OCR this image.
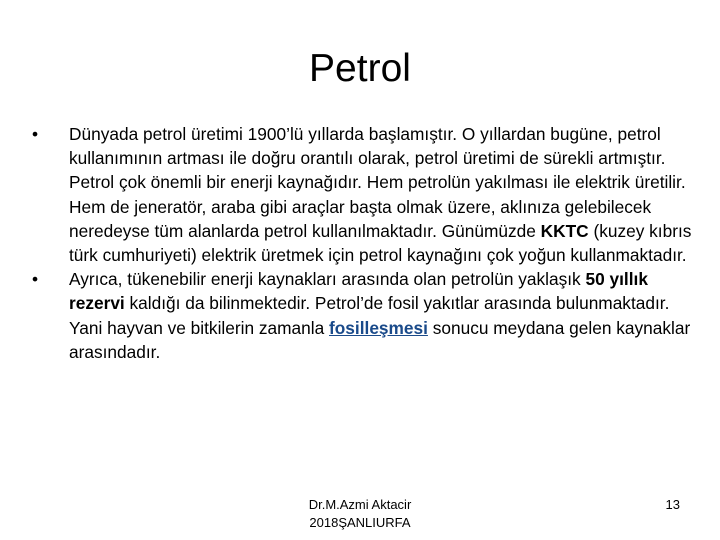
Petrol
•	Dünyada petrol üretimi 1900’lü yıllarda başlamıştır. O yıllardan bugüne, petrol kullanımının artması ile doğru orantılı olarak, petrol üretimi de sürekli artmıştır. Petrol çok önemli bir enerji kaynağıdır. Hem petrolün yakılması ile elektrik üretilir. Hem de jeneratör, araba gibi araçlar başta olmak üzere, aklınıza gelebilecek neredeyse tüm alanlarda petrol kullanılmaktadır. Günümüzde KKTC (kuzey kıbrıs türk cumhuriyeti) elektrik üretmek için petrol kaynağını çok yoğun kullanmaktadır.
•	Ayrıca, tükenebilir enerji kaynakları arasında olan petrolün yaklaşık 50 yıllık rezervi kaldığı da bilinmektedir. Petrol’de fosil yakıtlar arasında bulunmaktadır. Yani hayvan ve bitkilerin zamanla fosilleşmesi sonucu meydana gelen kaynaklar arasındadır.
Dr.M.Azmi Aktacir
2018ŞANLIURFA
13
